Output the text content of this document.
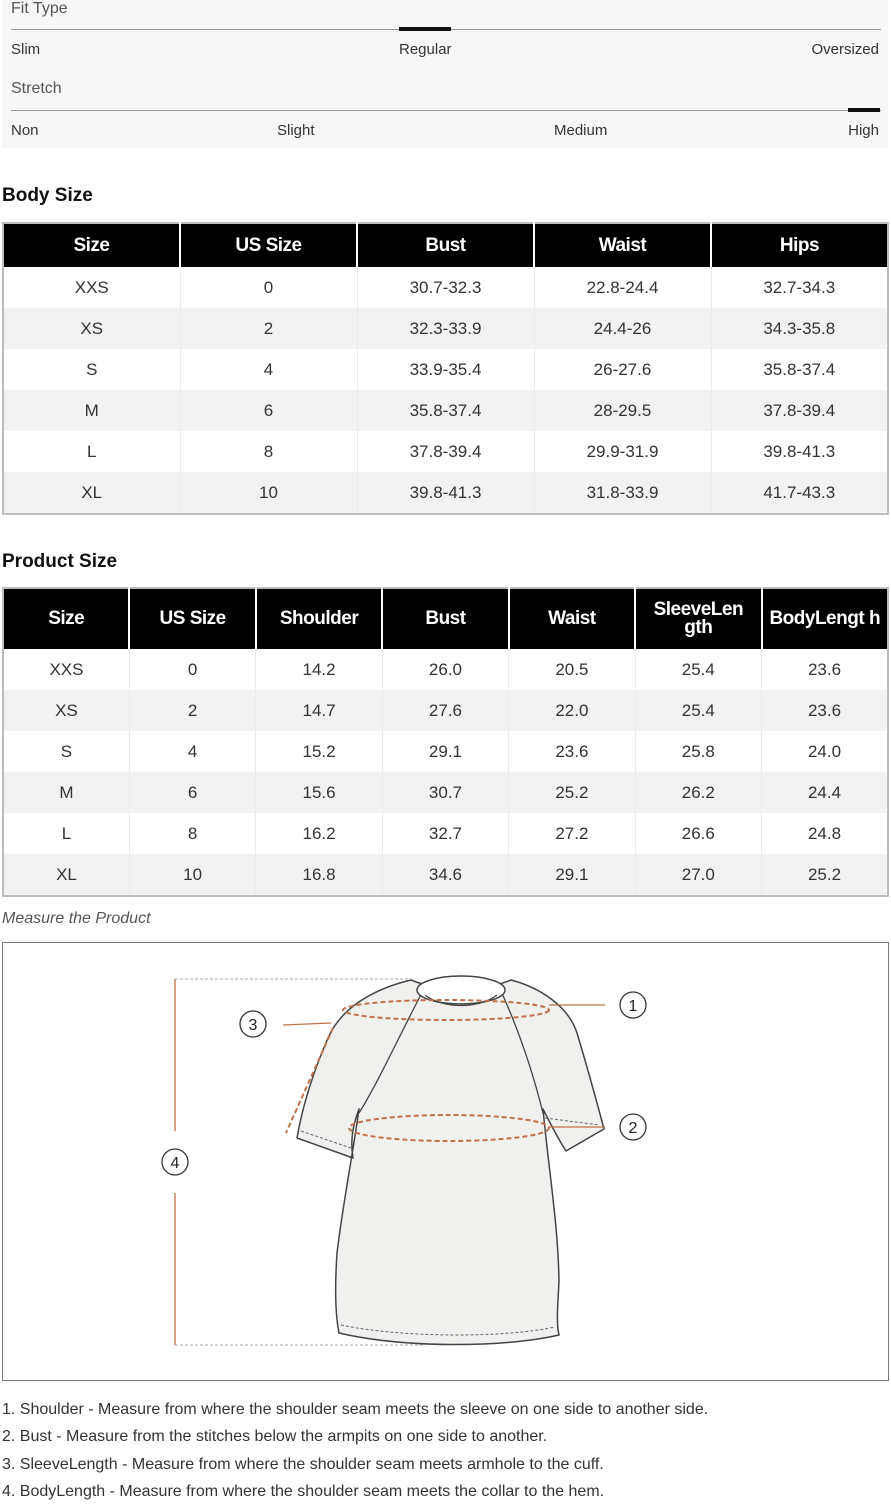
Fit Type
Slim	Regular	Oversized
Stretch
Non	Slight	Medium	High
Body Size
Size	US Size	Bust	Waist	Hips
XXS	0	30.7-32.3	22.8-24.4	32.7-34.3
XS	2	32.3-33.9	24.4-26	34.3-35.8
S	4	33.9-35.4	26-27.6	35.8-37.4
M	6	35.8-37.4	28-29.5	37.8-39.4
L	8	37.8-39.4	29.9-31.9	39.8-41.3
XL	10	39.8-41.3	31.8-33.9	41.7-43.3
Product Size
Size	US Size	Shoulder	Bust	Waist	SleeveLen gth	BodyLengt h
XXS	0	14.2	26.0	20.5	25.4	23.6
XS	2	14.7	27.6	22.0	25.4	23.6
S	4	15.2	29.1	23.6	25.8	24.0
M	6	15.6	30.7	25.2	26.2	24.4
L	8	16.2	32.7	27.2	26.6	24.8
XL	10	16.8	34.6	29.1	27.0	25.2
Measure the Product
1
2
3
4
1. Shoulder - Measure from where the shoulder seam meets the sleeve on one side to another side.
2. Bust - Measure from the stitches below the armpits on one side to another.
3. SleeveLength - Measure from where the shoulder seam meets armhole to the cuff.
4. BodyLength - Measure from where the shoulder seam meets the collar to the hem.
